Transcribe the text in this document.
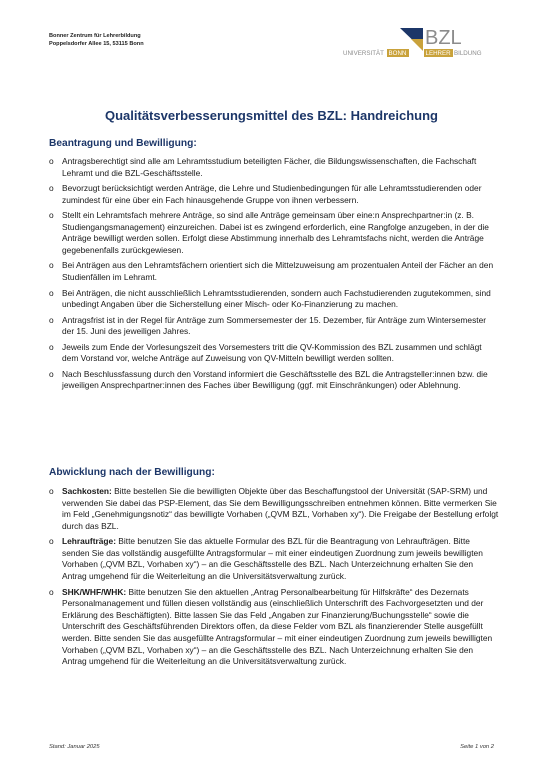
Bonner Zentrum für Lehrerbildung
Poppelsdorfer Allee 15, 53115 Bonn	BZL
UNIVERSITÄT BONN	LEHRER BILDUNG
Qualitätsverbesserungsmittel des BZL: Handreichung
Beantragung und Bewilligung:
o Antragsberechtigt sind alle am Lehramtsstudium beteiligten Fächer, die Bildungswissenschaften, die Fachschaft Lehramt und die BZL-Geschäftsstelle.
o Bevorzugt berücksichtigt werden Anträge, die Lehre und Studienbedingungen für alle Lehramtsstudierenden oder zumindest für eine über ein Fach hinausgehende Gruppe von ihnen verbessern.
o Stellt ein Lehramtsfach mehrere Anträge, so sind alle Anträge gemeinsam über eine:n Ansprechpartner:in (z. B. Studiengangsmanagement) einzureichen. Dabei ist es zwingend erforderlich, eine Rangfolge anzugeben, in der die Anträge bewilligt werden sollen. Erfolgt diese Abstimmung innerhalb des Lehramtsfachs nicht, werden die Anträge gegebenenfalls zurückgewiesen.
o Bei Anträgen aus den Lehramtsfächern orientiert sich die Mittelzuweisung am prozentualen Anteil der Fächer an den Studienfällen im Lehramt.
o Bei Anträgen, die nicht ausschließlich Lehramtsstudierenden, sondern auch Fachstudierenden zugutekommen, sind unbedingt Angaben über die Sicherstellung einer Misch- oder Ko-Finanzierung zu machen.
o Antragsfrist ist in der Regel für Anträge zum Sommersemester der 15. Dezember, für Anträge zum Wintersemester der 15. Juni des jeweiligen Jahres.
o Jeweils zum Ende der Vorlesungszeit des Vorsemesters tritt die QV-Kommission des BZL zusammen und schlägt dem Vorstand vor, welche Anträge auf Zuweisung von QV-Mitteln bewilligt werden sollten.
o Nach Beschlussfassung durch den Vorstand informiert die Geschäftsstelle des BZL die Antragsteller:innen bzw. die jeweiligen Ansprechpartner:innen des Faches über Bewilligung (ggf. mit Einschränkungen) oder Ablehnung.
Abwicklung nach der Bewilligung:
o Sachkosten: Bitte bestellen Sie die bewilligten Objekte über das Beschaffungstool der Universität (SAP-SRM) und verwenden Sie dabei das PSP-Element, das Sie dem Bewilligungsschreiben entnehmen können. Bitte vermerken Sie im Feld „Genehmigungsnotiz“ das bewilligte Vorhaben („QVM BZL, Vorhaben xy“). Die Freigabe der Bestellung erfolgt durch das BZL.
o Lehraufträge: Bitte benutzen Sie das aktuelle Formular des BZL für die Beantragung von Lehraufträgen. Bitte senden Sie das vollständig ausgefüllte Antragsformular – mit einer eindeutigen Zuordnung zum jeweils bewilligten Vorhaben („QVM BZL, Vorhaben xy“) – an die Geschäftsstelle des BZL. Nach Unterzeichnung erhalten Sie den Antrag umgehend für die Weiterleitung an die Universitätsverwaltung zurück.
o SHK/WHF/WHK: Bitte benutzen Sie den aktuellen „Antrag Personalbearbeitung für Hilfskräfte“ des Dezernats Personalmanagement und füllen diesen vollständig aus (einschließlich Unterschrift des Fachvorgesetzten und der Erklärung des Beschäftigten). Bitte lassen Sie das Feld „Angaben zur Finanzierung/Buchungsstelle“ sowie die Unterschrift des Geschäftsführenden Direktors offen, da diese Felder vom BZL als finanzierender Stelle ausgefüllt werden. Bitte senden Sie das ausgefüllte Antragsformular – mit einer eindeutigen Zuordnung zum jeweils bewilligten Vorhaben („QVM BZL, Vorhaben xy“) – an die Geschäftsstelle des BZL. Nach Unterzeichnung erhalten Sie den Antrag umgehend für die Weiterleitung an die Universitätsverwaltung zurück.
Stand: Januar 2025	Seite 1 von 2
